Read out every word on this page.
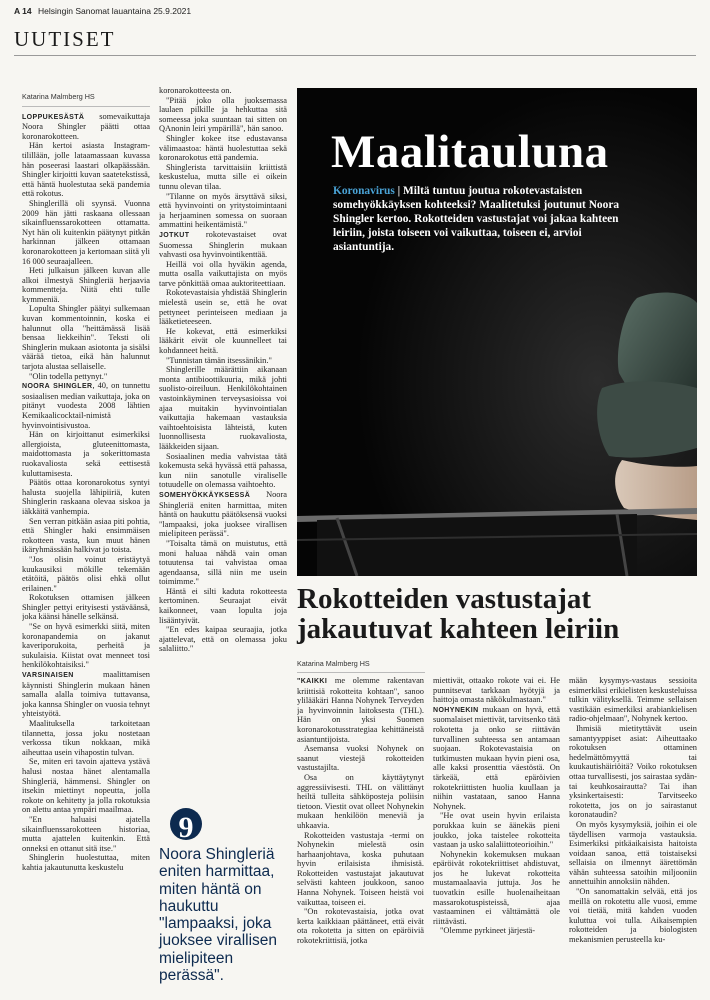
A 14 Helsingin Sanomat lauantaina 25.9.2021
UUTISET
Katarina Malmberg HS

LOPPUKESÄSTÄ somevaikuttaja Noora Shingler päätti ottaa koronarokotteen.

Hän kertoi asiasta Instagram-tilillään, jolle lataamassaan kuvassa hän poseerasi laastari olkapäässään. Shingler kirjoitti kuvan saatetekstissä, että häntä huolestutaa sekä pandemia että rokotus.

Shinglerillä oli syynsä. Vuonna 2009 hän jätti raskaana ollessaan sikainfluenssarokotteen ottamatta. Nyt hän oli kuitenkin päätynyt pitkän harkinnan jälkeen ottamaan koronarokotteen ja kertomaan siitä yli 16 000 seuraajalleen.

Heti julkaisun jälkeen kuvan alle alkoi ilmestyä Shingleriä herjaavia kommentteja. Niitä ehti tulle kymmeniä.

Lopulta Shingler päätyi sulkemaan kuvan kommentoinnin, koska ei halunnut olla "heittämässä lisää bensaa liekkeihin". Teksti oli Shinglerin mukaan asiotonta ja sisälsi väärää tietoa, eikä hän halunnut tarjota alustaa sellaiselle.

"Olin todella pettynyt."

NOORA SHINGLER, 40, on tunnettu sosiaalisen median vaikuttaja, joka on pitänyt vuodesta 2008 lähtien Kemikaalicocktail-nimistä hyvinvointisivustoa.

Hän on kirjoittanut esimerkiksi allergioista, gluteenittomasta, maidottomasta ja sokerittomasta ruokavaliosta sekä eettisestä kuluttamisesta.

Päätös ottaa koronarokotus syntyi halusta suojella lähipiiriä, kuten Shinglerin raskaana olevaa siskoa ja iäkkäitä vanhempia.

Sen verran pitkään asiaa piti pohtia, että Shingler haki ensimmäisen rokotteen vasta, kun muut hänen ikäryhmässään halkivat jo toista.

"Jos olisin voinut eristäytyä kuukausiksi mökille tekemään etätöitä, päätös olisi ehkä ollut erilainen."

Rokotuksen ottamisen jälkeen Shingler pettyi erityisesti ystäväänsä, joka käänsi hänelle selkänsä.

"Se on hyvä esimerkki siitä, miten koronapandemia on jakanut kaveriporukoita, perheitä ja sukulaisia. Kiistat ovat menneet tosi henkilökohtaisiksi."

VARSINAISEN maalittamisen käynnisti Shinglerin mukaan hänen samalla alalla toimiva tuttavansa, joka kannsa Shingler on vuosia tehnyt yhteistyötä.

Maalituksella tarkoitetaan tilannetta, jossa joku nostetaan verkossa tikun nokkaan, mikä aiheuttaa usein vihapostin tulvan.

Se, miten eri tavoin ajatteva ystävä halusi nostaa hänet alentamalla Shingleriä, hämmensi. Shingler on itsekin miettinyt nopeutta, jolla rokote on kehitetty ja jolla rokotuksia on alettu antaa ympäri maailmaa.

"En haluaisi ajatella sikainfluenssarokotteen historiaa, mutta ajattelen kuitenkin. Että onneksi en ottanut sitä itse."

Shinglerin huolestuttaa, miten kahtia jakautunutta keskustelu

koronarokotteesta on.

"Pitää joko olla juoksemassa laulaen pilkille ja hehkuttaa sitä someessa joka suuntaan tai sitten on QAnonin leiri ympärillä", hän sanoo.

Shingler kokee itse edustavansa välimaastoa: häntä huolestuttaa sekä koronarokotus että pandemia.

Shinglerista tarvittaisiin kriittistä keskustelua, mutta sille ei oikein tunnu olevan tilaa.

"Tilanne on myös ärsyttävä siksi, että hyvinvointi on yritystoimintaani ja herjaaminen somessa on suoraan ammattini heikentämistä."

JOTKUT rokotevastaiset ovat Suomessa Shinglerin mukaan vahvasti osa hyvinvointikenttää.

Heillä voi olla hyväkin agenda, mutta osalla vaikuttajista on myös tarve pönkittää omaa auktoriteettiaan.

Rokotevastaisia yhdistää Shinglerin mielestä usein se, että he ovat pettyneet perinteiseen mediaan ja lääketieteeseen.

He kokevat, että esimerkiksi lääkärit eivät ole kuunnelleet tai kohdanneet heitä.

"Tunnistan tämän itsessänikin."

Shinglerille määrättiin aikanaan monta antibioottikuuria, mikä johti suolisto-oireiluun. Henkilökohtainen vastoinkäyminen terveysasioissa voi ajaa muitakin hyvinvointialan vaikuttajia hakemaan vastauksia vaihtoehtoisista lähteistä, kuten luonnollisesta ruokavaliosta, lääkkeiden sijaan.

Sosiaalinen media vahvistaa tätä kokemusta sekä hyvässä että pahassa, kun niin sanotulle viraliselle totuudelle on olemassa vaihtoehto.

SOMEHYÖKKÄYKSESSÄ Noora Shingleriä eniten harmittaa, miten häntä on haukuttu päätöksensä vuoksi "lampaaksi, joka juoksee virallisen mielipiteen perässä".

"Toisalta tämä on muistutus, että moni haluaa nähdä vain oman totuutensa tai vahvistaa omaa agendaansa, sillä niin me usein toimimme."

Häntä ei silti kaduta rokotteesta kertominen. Seuraajat eivät kaikonneet, vaan lopulta joja lisääntyivät.

"En edes kaipaa seuraajia, jotka ajattelevat, että on olemassa joku salaliitto."

Maalitauluna
Koronavirus | Miltä tuntuu joutua rokotevastaisten somehyökkäyksen kohteeksi? Maalitetuksi joutunut Noora Shingler kertoo. Rokotteiden vastustajat voi jakaa kahteen leiriin, joista toiseen voi vaikuttaa, toiseen ei, arvioi asiantuntija.
Rokotteiden vastustajat jakautuvat kahteen leiriin
Katarina Malmberg HS

"KAIKKI me olemme rakentavan kriittisiä rokotteita kohtaan", sanoo ylilääkäri Hanna Nohynek Terveyden ja hyvinvoinnin laitoksesta (THL). Hän on yksi Suomen koronarokotusstrategiaa kehittäneistä asiantuntijoista.

Asemansa vuoksi Nohynek on saanut viestejä rokotteiden vastustajilta.

Osa on käyttäytynyt aggressiivisesti. THL on välittänyt heiltä tulleita sähköposteja poliisin tietoon. Viestit ovat olleet Nohynekin mukaan henkilöön meneviä ja uhkaavia.

Rokotteiden vastustaja -termi on Nohynekin mielestä osin harhaanjohtava, koska puhutaan hyvin erilaisista ihmisistä. Rokotteiden vastustajat jakautuvat selvästi kahteen joukkoon, sanoo Hanna Nohynek. Toiseen heistä voi vaikuttaa, toiseen ei.

"On rokotevastaisia, jotka ovat kerta kaikkiaan päättäneet, että eivät ota rokotetta ja sitten on epäröiviä rokotekriittisiä, jotka

miettivät, ottaako rokote vai ei. He punnitsevat tarkkaan hyötyjä ja haittoja omasta näkökulmastaan."

NOHYNEKIN mukaan on hyvä, että suomalaiset miettivät, tarvitsenko tätä rokotetta ja onko se riittävän turvallinen suhteessa sen antamaan suojaan. Rokotevastaisia on tutkimusten mukaan hyvin pieni osa, alle kaksi prosenttia väestöstä. On tärkeää, että epäröivien rokotekriittisten huolia kuullaan ja niihin vastataan, sanoo Hanna Nohynek.

"He ovat usein hyvin erilaista porukkaa kuin se äänekäs pieni joukko, joka taistelee rokotteita vastaan ja usko salaliittoteorioihin."

Nohynekin kokemuksen mukaan epäröivät rokotekriittiset ahdistuvat, jos he lukevat rokotteita mustamaalaavia juttuja. Jos he tuovatkin esille huolenaiheitaan massarokotuspisteissä, ajaa vastaaminen ei välttämättä ole riittävästi.

"Olemme pyrkineet järjestä-

mään kysymys-vastaus sessioita esimerkiksi erikielisten keskusteluissa tulkin välityksellä. Teimme sellaisen vastikään esimerkiksi arabiankielisen radio-ohjelmaan", Nohynek kertoo.

Ihmisiä mietityttävät usein samantyyppiset asiat: Aiheuttaako rokotuksen ottaminen hedelmättömyyttä tai kuukautishäiriöitä? Voiko rokotuksen ottaa turvallisesti, jos sairastaa sydän- tai keuhkosairautta? Tai ihan yksinkertaisesti: Tarvitseeko rokotetta, jos on jo sairastanut koronataudin?

On myös kysymyksiä, joihin ei ole täydellisen varmoja vastauksia. Esimerkiksi pitkäaikaisista haitoista voidaan sanoa, että toistaiseksi sellaisia on ilmennyt äärettömän vähän suhteessa satoihin miljooniin annettuihin annoksiin nähden.

"On sanomattakin selvää, että jos meillä on rokotettu alle vuosi, emme voi tietää, mitä kahden vuoden kuluttua voi tulla. Aikaisempien rokotteiden ja biologisten mekanismien perusteella ku-

9
Noora Shingleriä eniten harmittaa, miten häntä on haukuttu "lampaaksi, joka juoksee virallisen mielipiteen perässä".
